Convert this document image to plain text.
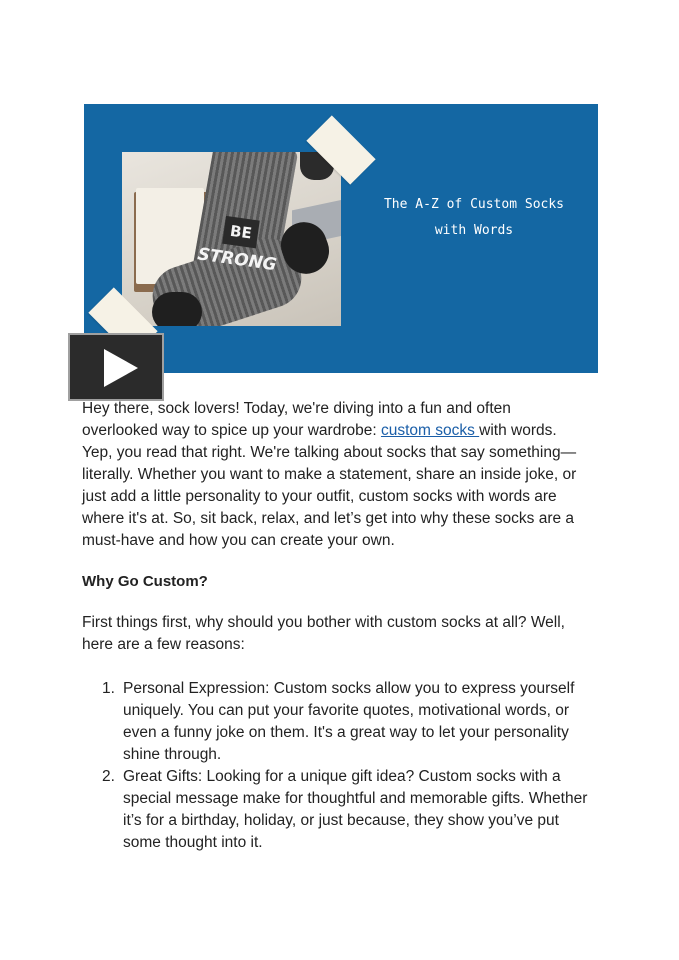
BE
STRONG
The A-Z of Custom Socks
with Words

Hey there, sock lovers! Today, we're diving into a fun and often overlooked way to spice up your wardrobe: custom socks with words. Yep, you read that right. We're talking about socks that say something—literally. Whether you want to make a statement, share an inside joke, or just add a little personality to your outfit, custom socks with words are where it's at. So, sit back, relax, and let’s get into why these socks are a must-have and how you can create your own.

Why Go Custom?
First things first, why should you bother with custom socks at all? Well, here are a few reasons:
1. Personal Expression: Custom socks allow you to express yourself uniquely. You can put your favorite quotes, motivational words, or even a funny joke on them. It's a great way to let your personality shine through.
2. Great Gifts: Looking for a unique gift idea? Custom socks with a special message make for thoughtful and memorable gifts. Whether it’s for a birthday, holiday, or just because, they show you’ve put some thought into it.
